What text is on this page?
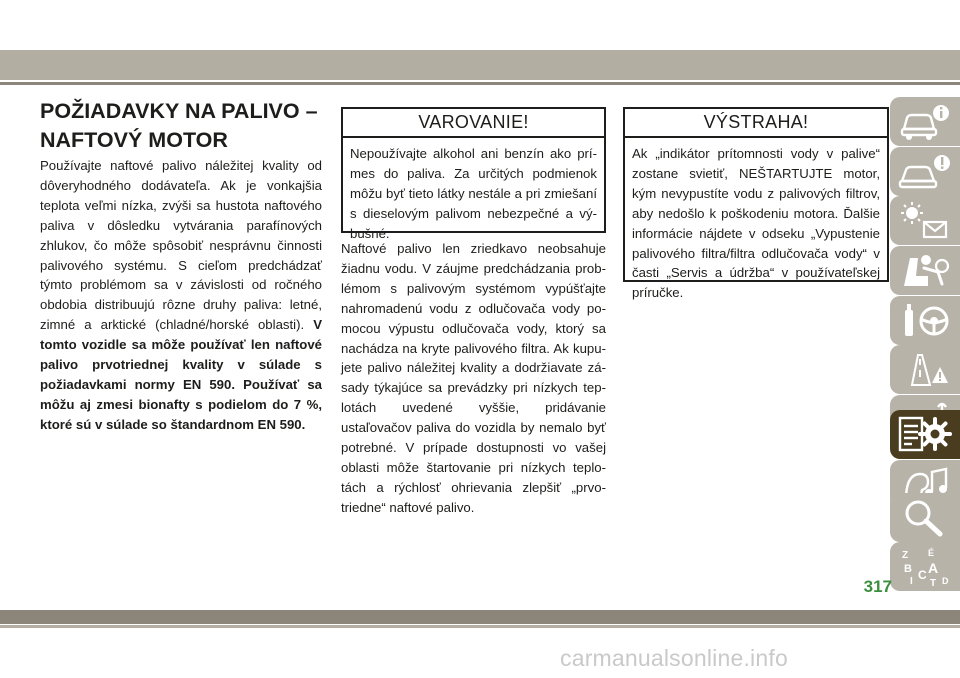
POŽIADAVKY NA PALIVO –
NAFTOVÝ MOTOR

Používajte naftové palivo náležitej kvality od dôveryhodného dodávateľa. Ak je vonkajšia teplota veľmi nízka, zvýši sa hustota naftového paliva v dôsledku vytvárania parafínových zhlukov, čo môže spôsobiť nesprávnu činnosti palivového systému. S cieľom predchádzať týmto problémom sa v závislosti od ročného obdobia distribuujú rôzne druhy paliva: letné, zimné a arktické (chladné/horské oblasti). V tomto vozidle sa môže používať len naftové palivo prvotriednej kvality v súlade s požiadavkami normy EN 590. Používať sa môžu aj zmesi bionafty s podielom do 7 %, ktoré sú v súlade so štandardnom EN 590.

VAROVANIE!
Nepoužívajte alkohol ani benzín ako prímes do paliva. Za určitých podmienok môžu byť tieto látky nestále a pri zmiešaní s dieselovým palivom nebezpečné a výbušné.

Naftové palivo len zriedkavo neobsahuje žiadnu vodu. V záujme predchádzania problémom s palivovým systémom vypúšťajte nahromadenú vodu z odlučovača vody pomocou výpustu odlučovača vody, ktorý sa nachádza na kryte palivového filtra. Ak kupujete palivo náležitej kvality a dodržiavate zásady týkajúce sa prevádzky pri nízkych teplotách uvedené vyššie, pridávanie ustaľovačov paliva do vozidla by nemalo byť potrebné. V prípade dostupnosti vo vašej oblasti môže štartovanie pri nízkych teplotách a rýchlosť ohrievania zlepšiť „prvotriedne“ naftové palivo.

VÝSTRAHA!
Ak „indikátor prítomnosti vody v palive“ zostane svietiť, NEŠTARTUJTE motor, kým nevypustíte vodu z palivových filtrov, aby nedošlo k poškodeniu motora. Ďalšie informácie nájdete v odseku „Vypustenie palivového filtra/filtra odlučovača vody“ v časti „Servis a údržba“ v používateľskej príručke.
Z É
B A
I C
T D
317
carmanualsonline.info
